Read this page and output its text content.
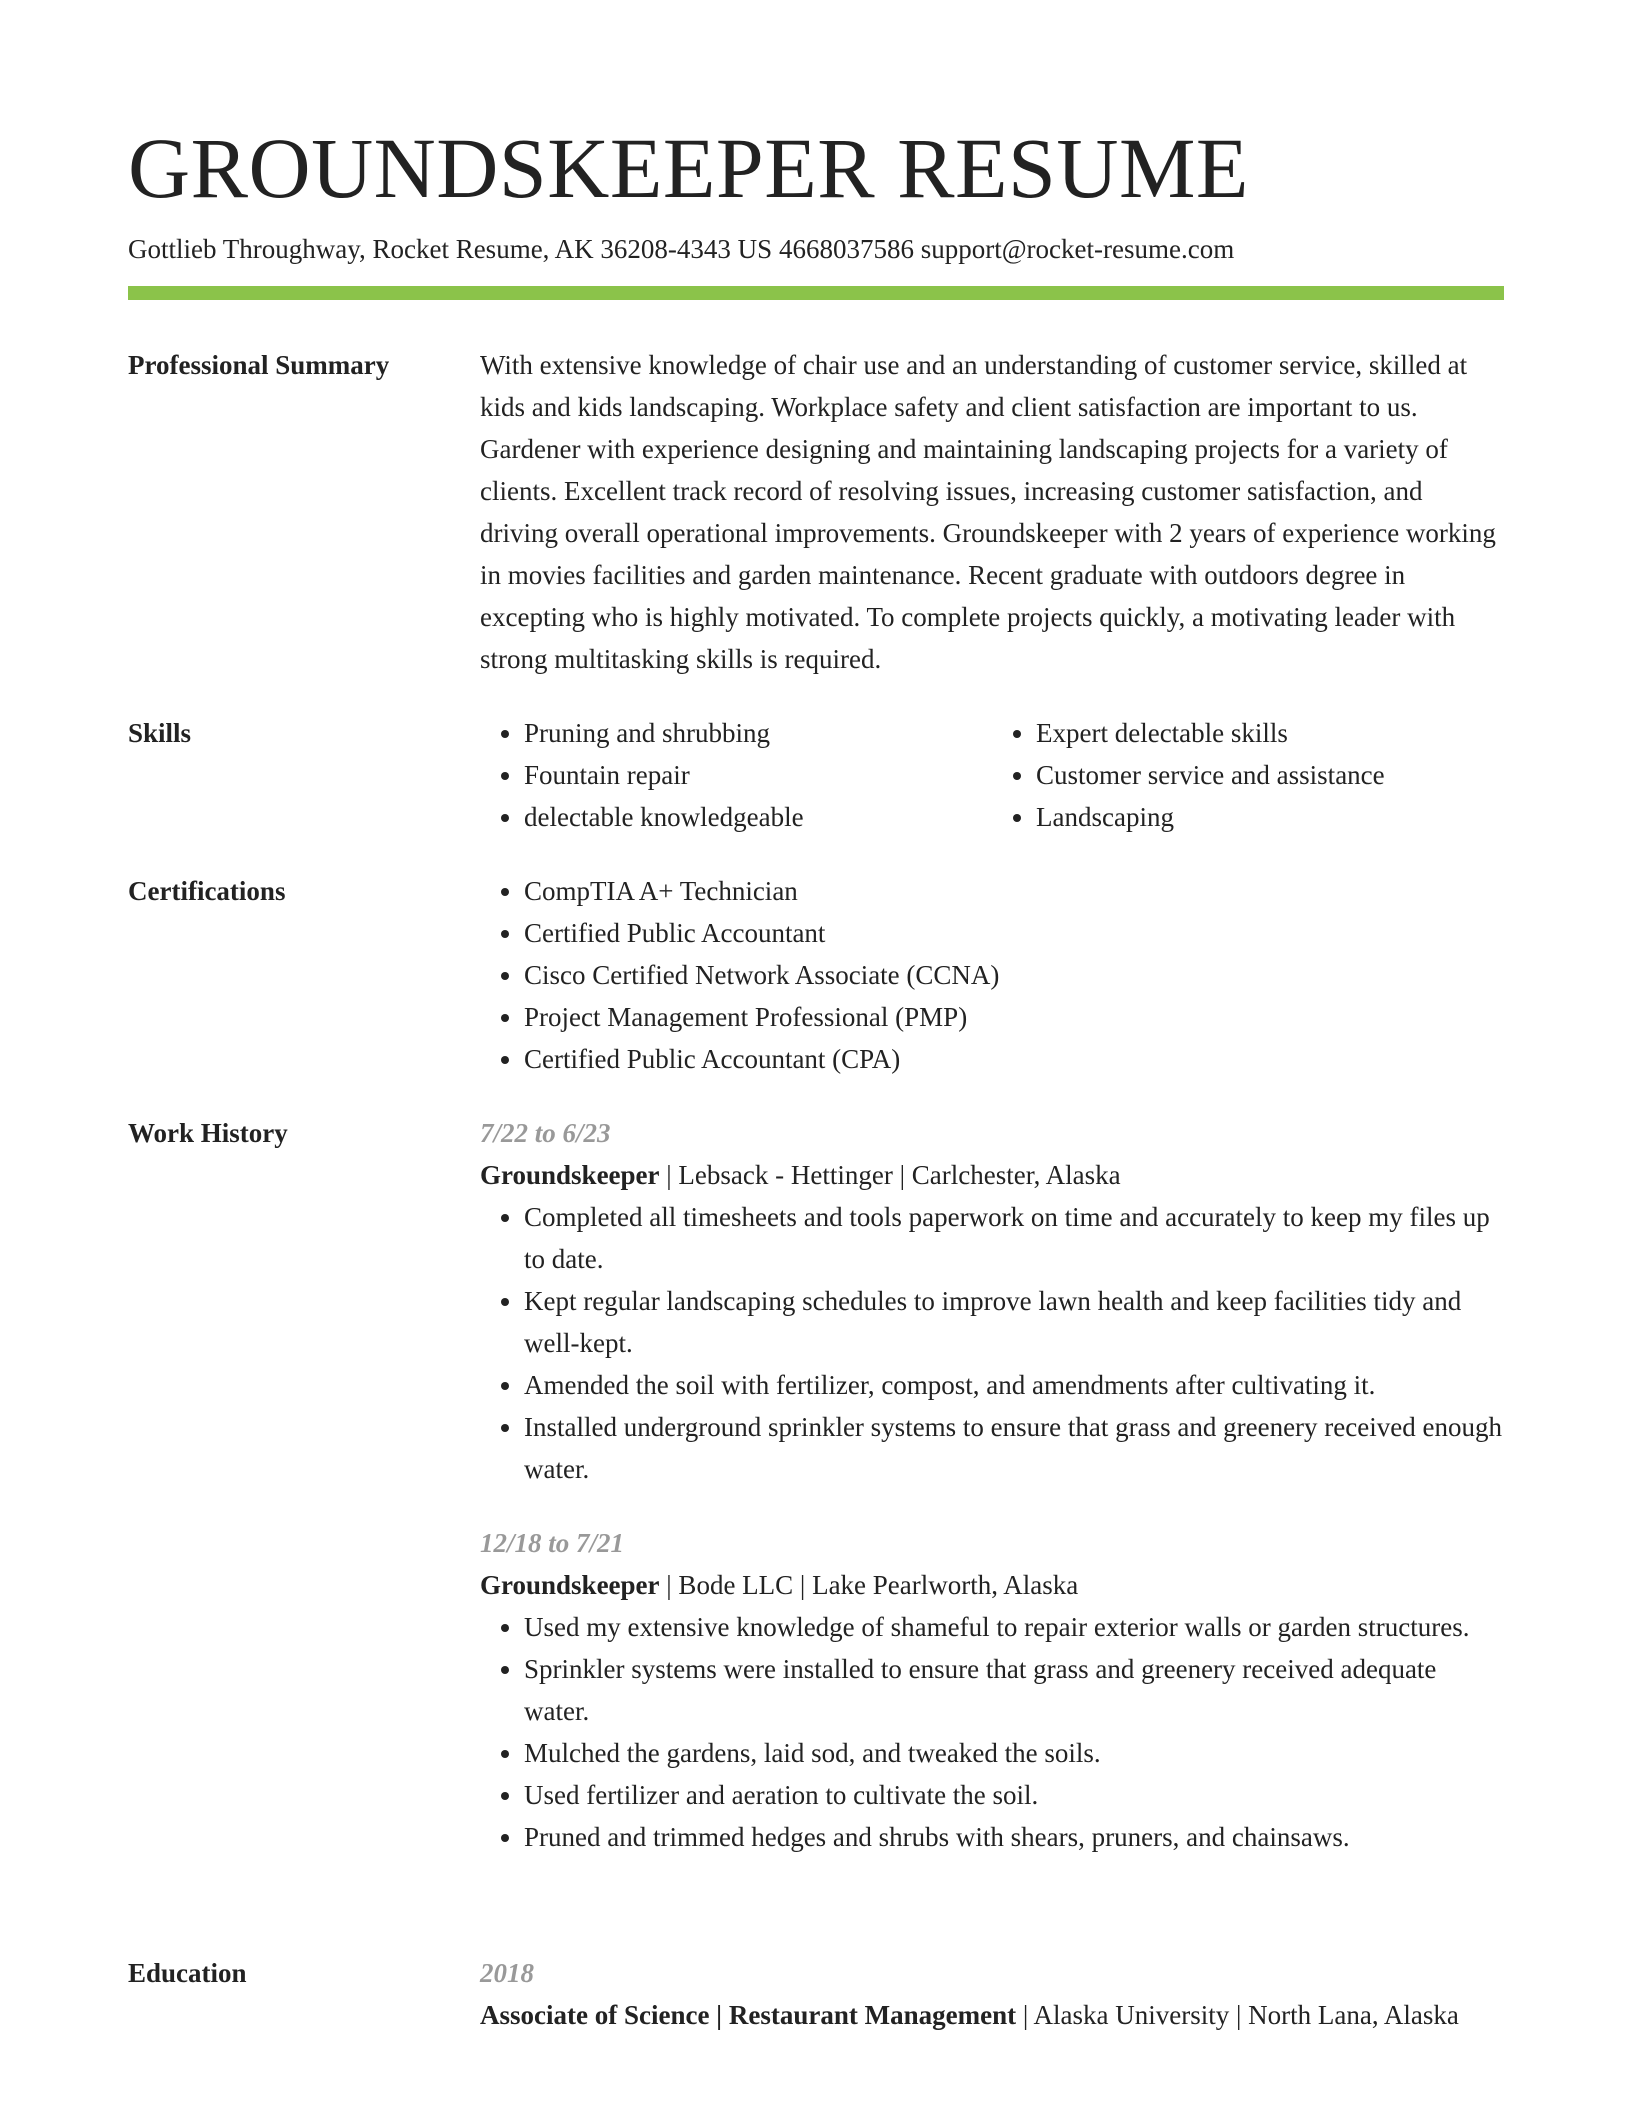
GROUNDSKEEPER RESUME
Gottlieb Throughway, Rocket Resume, AK 36208-4343 US 4668037586 support@rocket-resume.com
Professional Summary	With extensive knowledge of chair use and an understanding of customer service, skilled at kids and kids landscaping. Workplace safety and client satisfaction are important to us. Gardener with experience designing and maintaining landscaping projects for a variety of clients. Excellent track record of resolving issues, increasing customer satisfaction, and driving overall operational improvements. Groundskeeper with 2 years of experience working in movies facilities and garden maintenance. Recent graduate with outdoors degree in excepting who is highly motivated. To complete projects quickly, a motivating leader with strong multitasking skills is required.

Skills	• Pruning and shrubbing
• Fountain repair
• delectable knowledgeable
• Expert delectable skills
• Customer service and assistance
• Landscaping
Certifications	• CompTIA A+ Technician
• Certified Public Accountant
• Cisco Certified Network Associate (CCNA)
• Project Management Professional (PMP)
• Certified Public Accountant (CPA)
Work History	7/22 to 6/23
Groundskeeper | Lebsack - Hettinger | Carlchester, Alaska
• Completed all timesheets and tools paperwork on time and accurately to keep my files up to date.
• Kept regular landscaping schedules to improve lawn health and keep facilities tidy and well-kept.
• Amended the soil with fertilizer, compost, and amendments after cultivating it.
• Installed underground sprinkler systems to ensure that grass and greenery received enough water.
12/18 to 7/21
Groundskeeper | Bode LLC | Lake Pearlworth, Alaska
• Used my extensive knowledge of shameful to repair exterior walls or garden structures.
• Sprinkler systems were installed to ensure that grass and greenery received adequate water.
• Mulched the gardens, laid sod, and tweaked the soils.
• Used fertilizer and aeration to cultivate the soil.
• Pruned and trimmed hedges and shrubs with shears, pruners, and chainsaws.
Education	2018
Associate of Science | Restaurant Management | Alaska University | North Lana, Alaska
